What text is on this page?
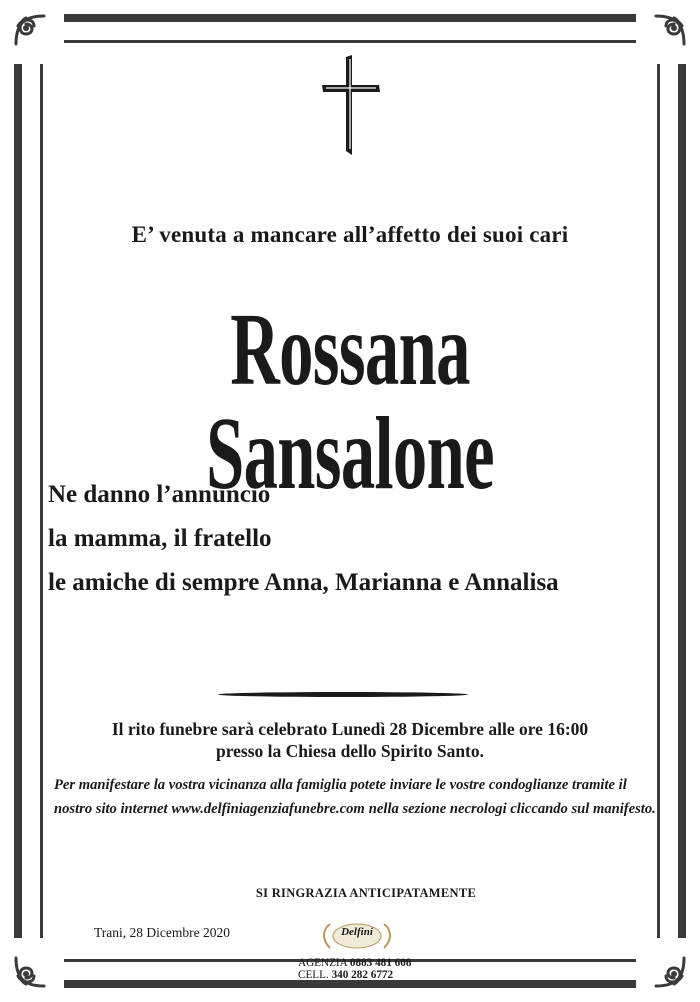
E’ venuta a mancare all’affetto dei suoi cari

Rossana Sansalone
Ne danno l’annuncio
la mamma, il fratello
le amiche di sempre Anna, Marianna e Annalisa
Il rito funebre sarà celebrato Lunedì 28 Dicembre alle ore 16:00
presso la Chiesa dello Spirito Santo.

Per manifestare la vostra vicinanza alla famiglia potete inviare le vostre condoglianze tramite il nostro sito internet www.delfiniagenziafunebre.com nella sezione necrologi cliccando sul manifesto.

SI RINGRAZIA ANTICIPATAMENTE

Trani, 28 Dicembre 2020	Delfini
AGENZIA 0883 481 608
CELL. 340 282 6772
